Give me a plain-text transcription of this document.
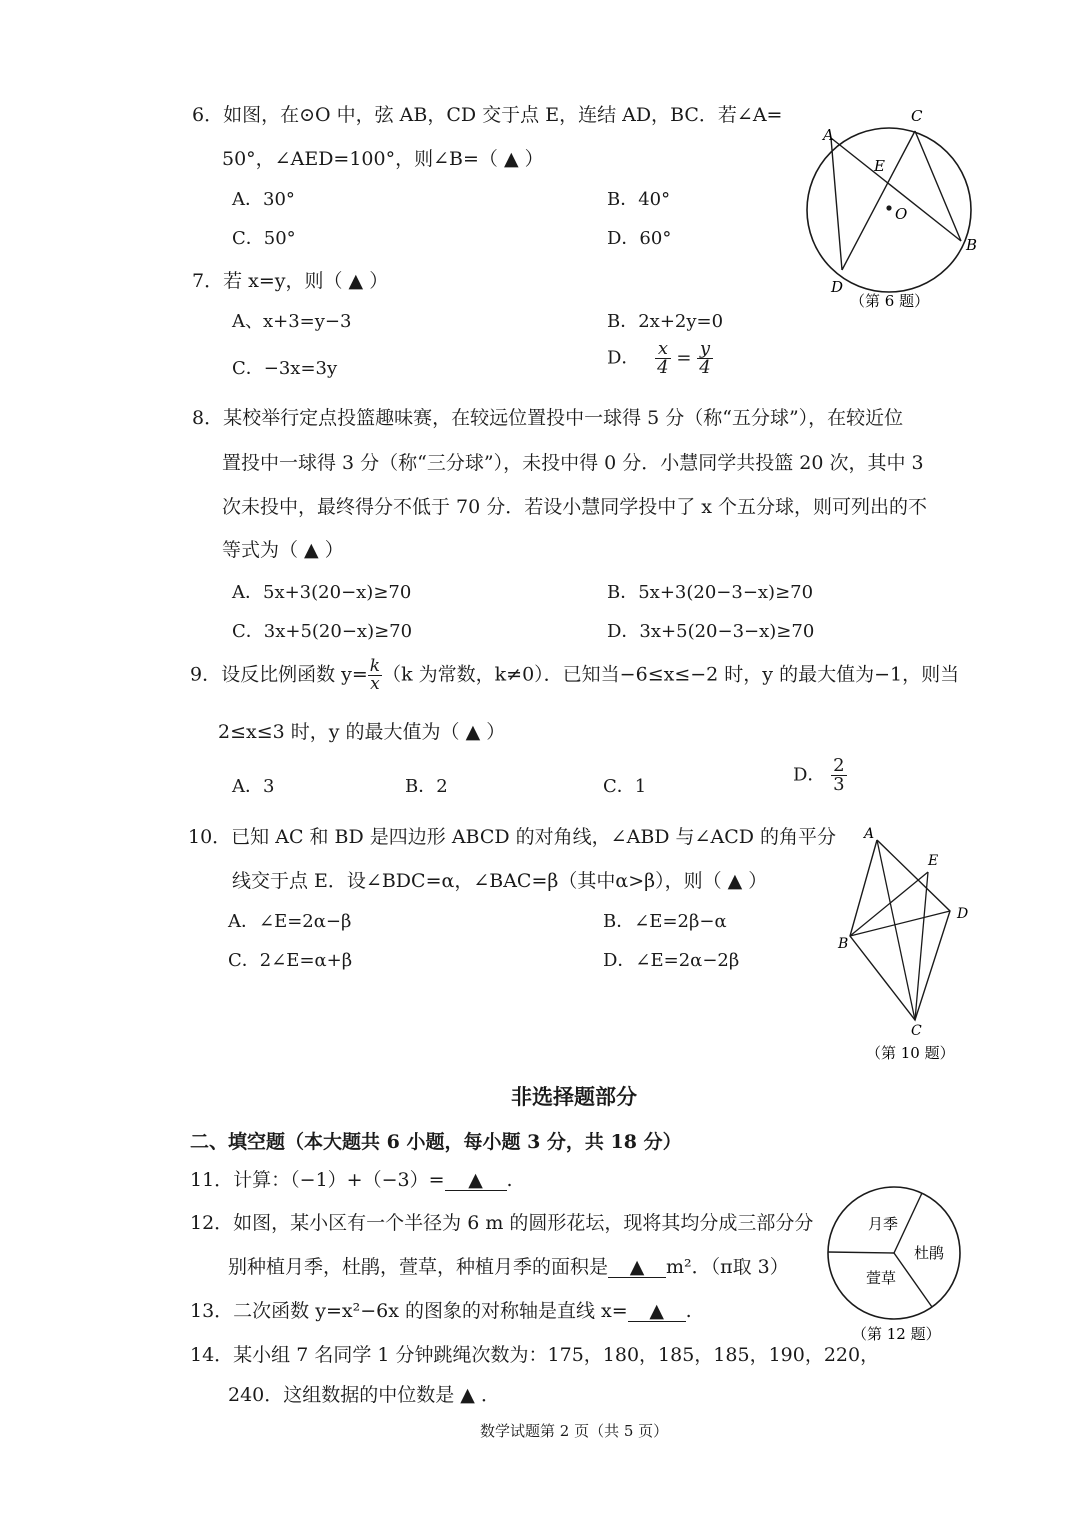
6．如图，在⊙O 中，弦 AB，CD 交于点 E，连结 AD，BC．若∠A=
50°，∠AED=100°，则∠B=（ ▲ ）
A．30°	B．40°
C．50°	D．60°
A
C
E
O
B
D
（第 6 题）
7．若 x=y，则（ ▲ ）
A、x+3=y−3	B．2x+2y=0
C．−3x=3y	D． $\frac{x}{4} = \frac{y}{4}$
8．某校举行定点投篮趣味赛，在较远位置投中一球得 5 分（称“五分球”），在较近位
置投中一球得 3 分（称“三分球”），未投中得 0 分．小慧同学共投篮 20 次，其中 3
次未投中，最终得分不低于 70 分．若设小慧同学投中了 x 个五分球，则可列出的不
等式为（ ▲ ）
A．5x+3(20−x)≥70	B．5x+3(20−3−x)≥70
C．3x+5(20−x)≥70	D．3x+5(20−3−x)≥70
9．设反比例函数 $y= \frac{k}{x} (k$ 为常数，k≠0）．已知当−6≤x≤−2 时，y 的最大值为−1，则当
2≤x≤3 时，y 的最大值为（ ▲ ）
A．3	B．2	C．1
D． $\frac{2}{3}$
10．已知 AC 和 BD 是四边形 ABCD 的对角线，∠ABD 与∠ACD 的角平分
线交于点 E．设∠BDC=α，∠BAC=β（其中α>β），则（ ▲ ）
A．∠E=2α−β	B．∠E=2β−α
C．2∠E=α+β	D．∠E=2α−2β
A
E
D
B
C
（第 10 题）
非选择题部分
二、填空题（本大题共 6 小题，每小题 3 分，共 18 分）
11．计算：（−1）+（−3）= ▲ .
12．如图，某小区有一个半径为 6 m 的圆形花坛，现将其均分成三部分分
别种植月季，杜鹃，萱草，种植月季的面积是 ▲ m²．（π取 3）
月季
杜鹃
萱草
（第 12 题）
13．二次函数 y=x²−6x 的图象的对称轴是直线 x= ▲ .
14．某小组 7 名同学 1 分钟跳绳次数为：175，180，185，185，190，220，
240．这组数据的中位数是 ▲ ．
数学试题第 2 页（共 5 页）
